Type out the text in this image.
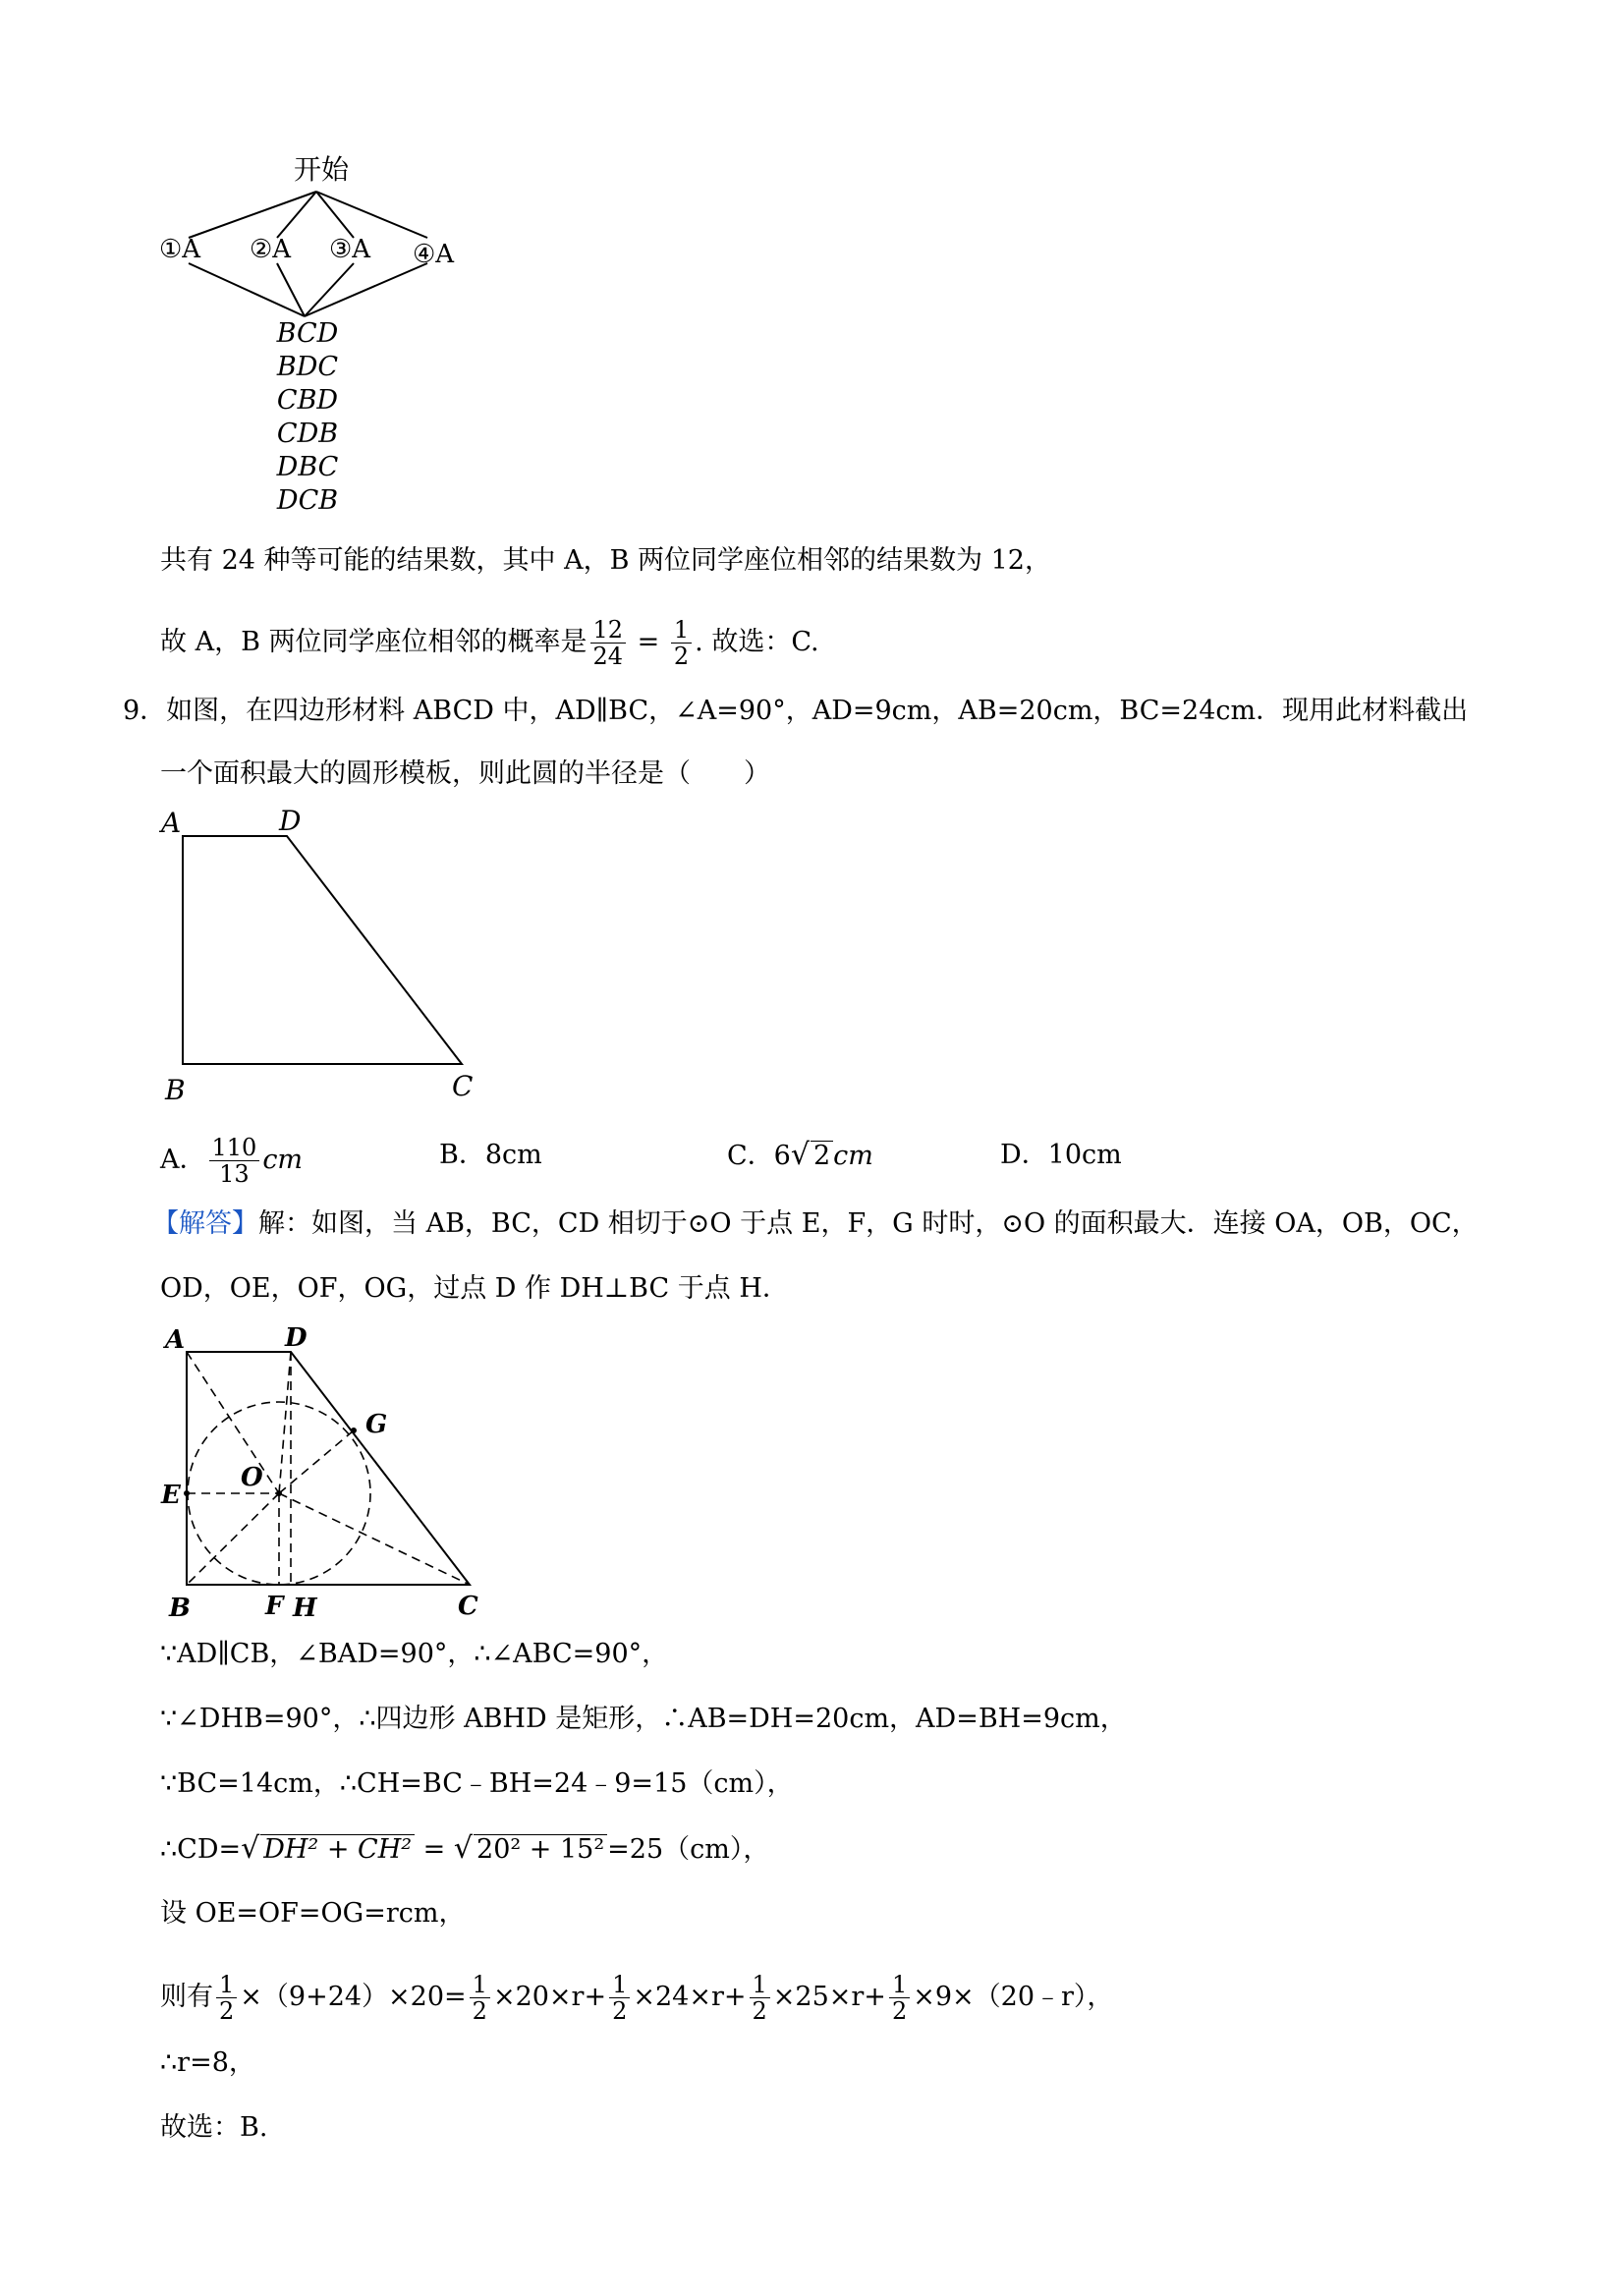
开始
①A ②A ③A ④A
BCD
BDC
CBD
CDB
DBC
DCB
共有 24 种等可能的结果数，其中 A，B 两位同学座位相邻的结果数为 12，
故 A，B 两位同学座位相邻的概率是 $\frac{12}{24} = \frac{1}{2}$ . 故选：C.
9．如图，在四边形材料 ABCD 中，AD∥BC，∠A=90°，AD=9cm，AB=20cm，BC=24cm．现用此材料截出
一个面积最大的圆形模板，则此圆的半径是（　　）
A	D
B	C
A． $\frac{110}{13}$ cm	B．8cm	C．6√ 2 cm	D．10cm
【解答】解：如图，当 AB，BC，CD 相切于⊙O 于点 E，F，G 时时，⊙O 的面积最大．连接 OA，OB，OC，
OD，OE，OF，OG，过点 D 作 DH⊥BC 于点 H．
A	D
G
O
E
B	F H	C
∵AD∥CB，∠BAD=90°，∴∠ABC=90°，
∵∠DHB=90°，∴四边形 ABHD 是矩形，∴AB=DH=20cm，AD=BH=9cm，
∵BC=14cm，∴CH=BC﹣BH=24﹣9=15（cm），
∴CD=√ DH² + CH² = √ 20² + 15² =25（cm），
设 OE=OF=OG=rcm，
则有 $\frac{1}{2} \times(9+24)\times 20= \frac{1}{2} \times 20\times r+ \frac{1}{2} \times 24\times r+ \frac{1}{2} \times 25\times r+ \frac{1}{2}$ ×9×（20﹣r），
∴r=8，
故选：B.
